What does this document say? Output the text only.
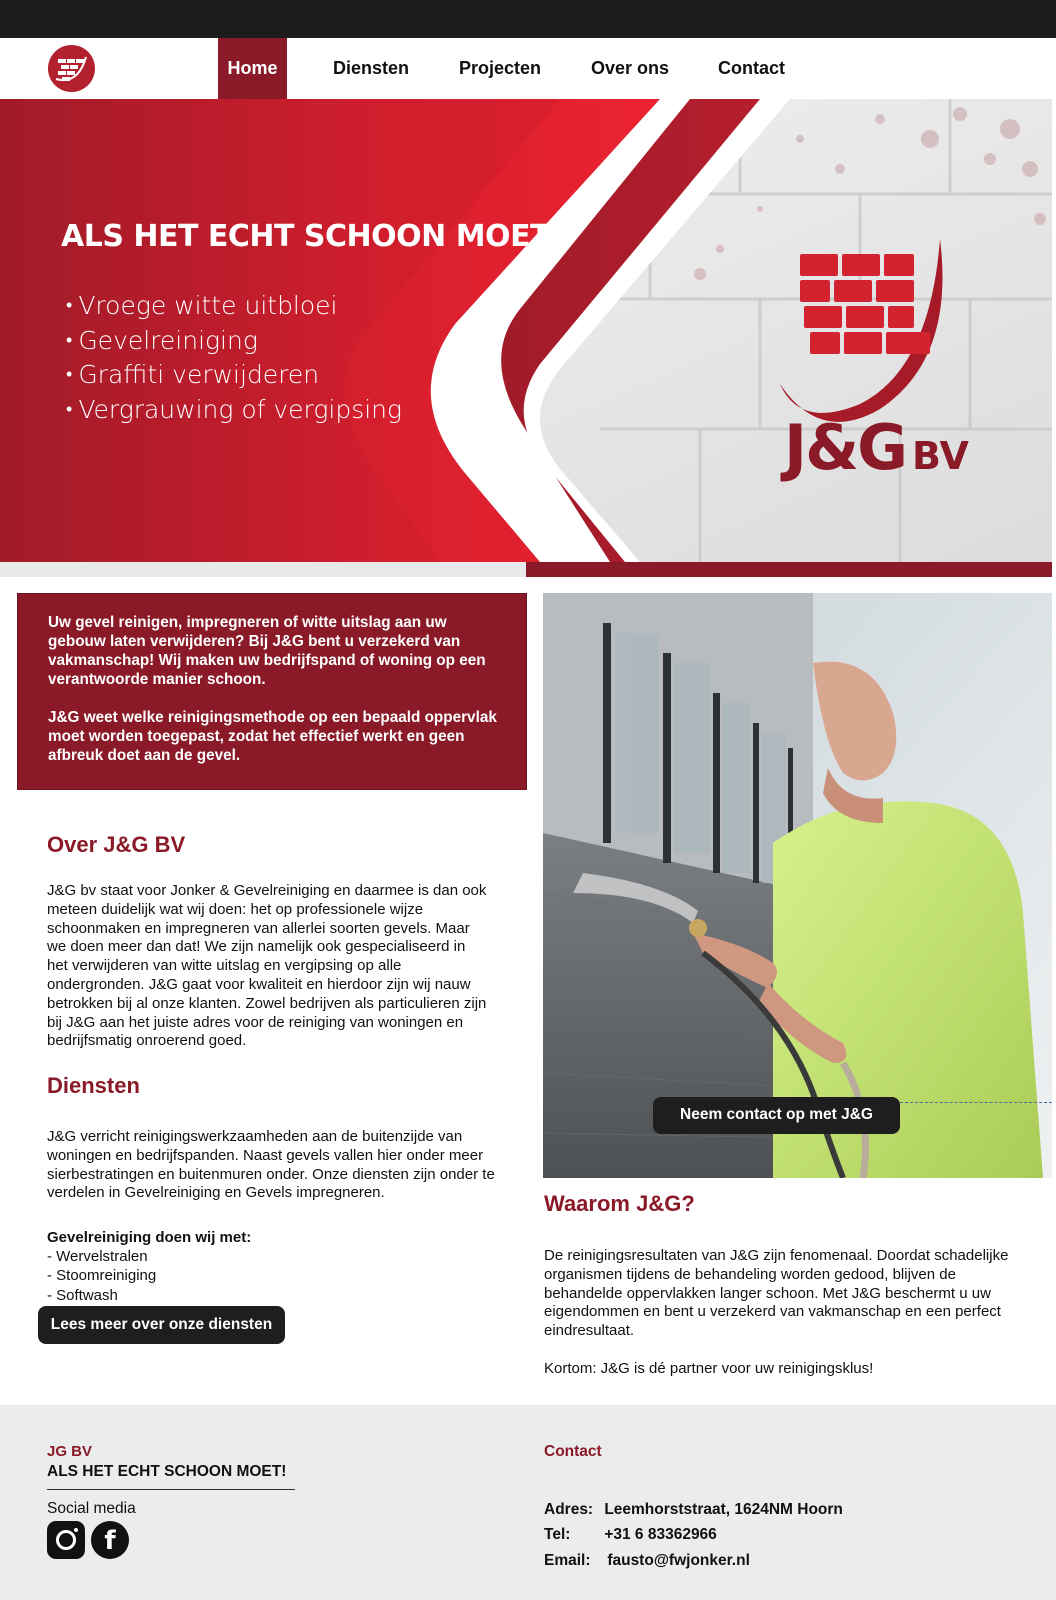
Home	Diensten	Projecten	Over ons	Contact
ALS HET ECHT SCHOON MOET
• Vroege witte uitbloei
• Gevelreiniging
• Graffiti verwijderen
• Vergrauwing of vergipsing
J&G BV

Uw gevel reinigen, impregneren of witte uitslag aan uw gebouw laten verwijderen? Bij J&G bent u verzekerd van vakmanschap! Wij maken uw bedrijfspand of woning op een verantwoorde manier schoon.

J&G weet welke reinigingsmethode op een bepaald oppervlak moet worden toegepast, zodat het effectief werkt en geen afbreuk doet aan de gevel.

Over J&G BV

J&G bv staat voor Jonker & Gevelreiniging en daarmee is dan ook meteen duidelijk wat wij doen: het op professionele wijze schoonmaken en impregneren van allerlei soorten gevels. Maar we doen meer dan dat! We zijn namelijk ook gespecialiseerd in het verwijderen van witte uitslag en vergipsing op alle ondergronden. J&G gaat voor kwaliteit en hierdoor zijn wij nauw betrokken bij al onze klanten. Zowel bedrijven als particulieren zijn bij J&G aan het juiste adres voor de reiniging van woningen en bedrijfsmatig onroerend goed.

Diensten

J&G verricht reinigingswerkzaamheden aan de buitenzijde van woningen en bedrijfspanden. Naast gevels vallen hier onder meer sierbestratingen en buitenmuren onder. Onze diensten zijn onder te verdelen in Gevelreiniging en Gevels impregneren.

Gevelreiniging doen wij met:
- Wervelstralen
- Stoomreiniging
- Softwash
Lees meer over onze diensten
Neem contact op met J&G
Waarom J&G?

De reinigingsresultaten van J&G zijn fenomenaal. Doordat schadelijke organismen tijdens de behandeling worden gedood, blijven de behandelde oppervlakken langer schoon. Met J&G beschermt u uw eigendommen en bent u verzekerd van vakmanschap en een perfect eindresultaat.

Kortom: J&G is dé partner voor uw reinigingsklus!

JG BV
ALS HET ECHT SCHOON MOET!
Social media
f
Contact
Adres: Leemhorststraat, 1624NM Hoorn
Tel: +31 6 83362966
Email: fausto@fwjonker.nl
